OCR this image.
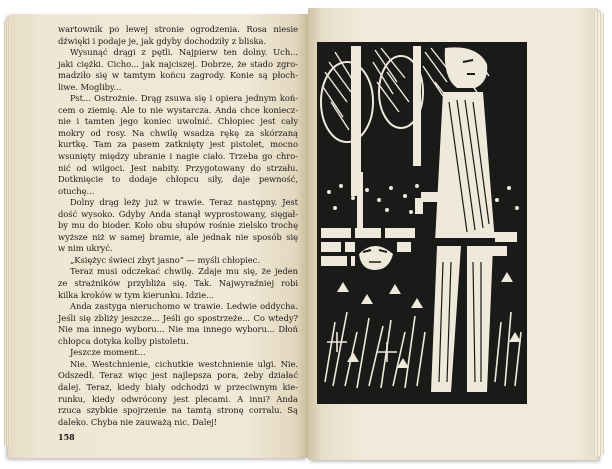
wartownik po lewej stronie ogrodzenia. Rosa niesie
dźwięki i podaje je, jak gdyby dochodziły z bliska.
Wysunąć drągi z pętli. Najpierw ten dolny. Uch...
jaki ciężki. Cicho... jak najciszej. Dobrze, że stado zgro-
madziło się w tamtym końcu zagrody. Konie są płoch-
liwe. Mogliby...
Pst... Ostrożnie. Drąg zsuwa się i opiera jednym koń-
cem o ziemię. Ale to nie wystarcza. Anda chce koniecz-
nie i tamten jego koniec uwolnić. Chłopiec jest cały
mokry od rosy. Na chwilę wsadza rękę za skórzaną
kurtkę. Tam za pasem zatknięty jest pistolet, mocno
wsunięty między ubranie i nagie ciało. Trzeba go chro-
nić od wilgoci. Jest nabity. Przygotowany do strzału.
Dotknięcie to dodaje chłopcu siły, daje pewność,
otuchę...
Dolny drąg leży już w trawie. Teraz następny. Jest
dość wysoko. Gdyby Anda stanął wyprostowany, sięgał-
by mu do bioder. Koło obu słupów rośnie zielsko trochę
wyższe niż w samej bramie, ale jednak nie sposób się
w nim ukryć.
„Księżyc świeci zbyt jasno” — myśli chłopiec.
Teraz musi odczekać chwilę. Zdaje mu się, że jeden
ze strażników przybliża się. Tak. Najwyraźniej robi
kilka kroków w tym kierunku. Idzie...
Anda zastyga nieruchomo w trawie. Ledwie oddycha.
Jeśli się zbliży jeszcze... Jeśli go spostrzeże... Co wtedy?
Nie ma innego wyboru... Nie ma innego wyboru... Dłoń
chłopca dotyka kolby pistoletu.
Jeszcze moment...
Nie. Westchnienie, cichutkie westchnienie ulgi. Nie.
Odszedł. Teraz więc jest najlepsza pora, żeby działać
dalej. Teraz, kiedy biały odchodzi w przeciwnym kie-
runku, kiedy odwrócony jest plecami. A inni? Anda
rzuca szybkie spojrzenie na tamtą stronę corralu. Są
daleko. Chyba nie zauważą nic. Dalej!
158
